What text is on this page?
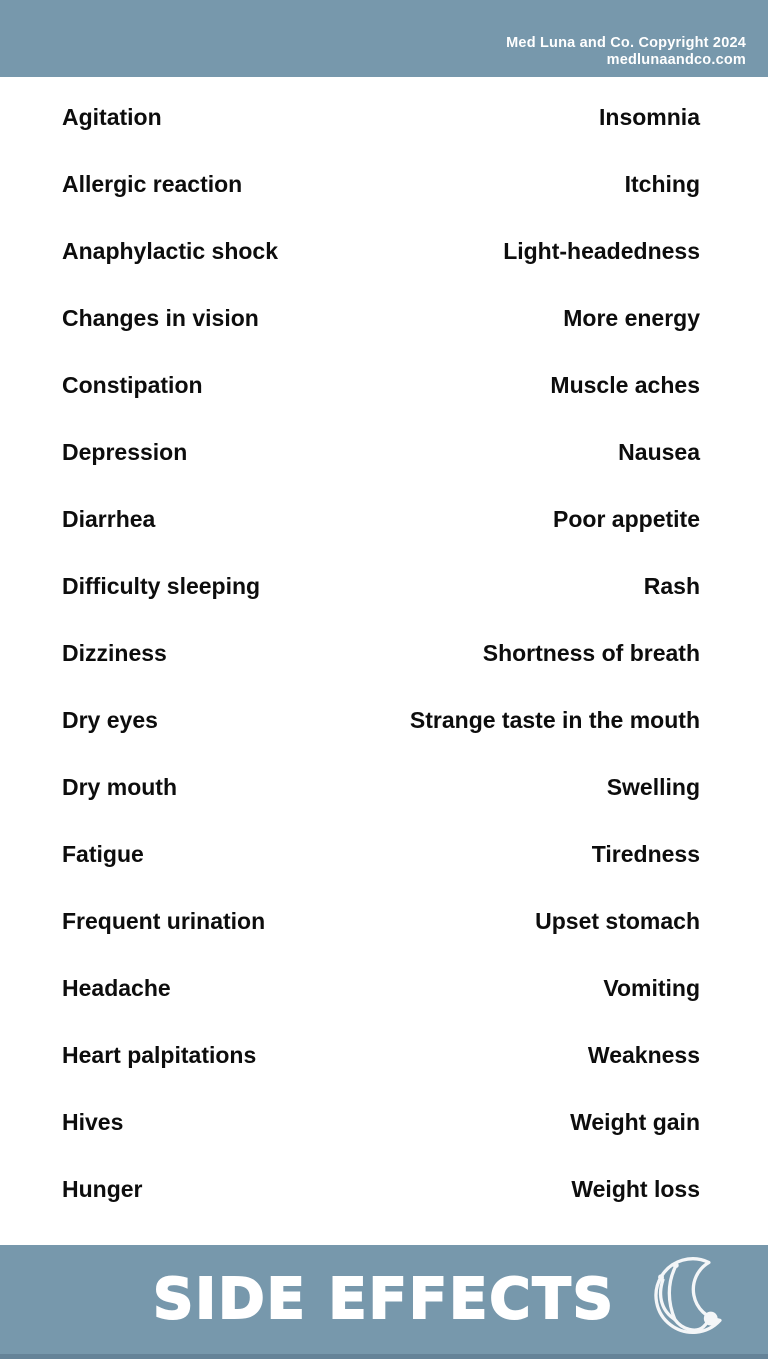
Med Luna and Co. Copyright 2024
medlunaandco.com
Agitation	Insomnia
Allergic reaction	Itching
Anaphylactic shock	Light-headedness
Changes in vision	More energy
Constipation	Muscle aches
Depression	Nausea
Diarrhea	Poor appetite
Difficulty sleeping	Rash
Dizziness	Shortness of breath
Dry eyes	Strange taste in the mouth
Dry mouth	Swelling
Fatigue	Tiredness
Frequent urination	Upset stomach
Headache	Vomiting
Heart palpitations	Weakness
Hives	Weight gain
Hunger	Weight loss
SIDE EFFECTS
